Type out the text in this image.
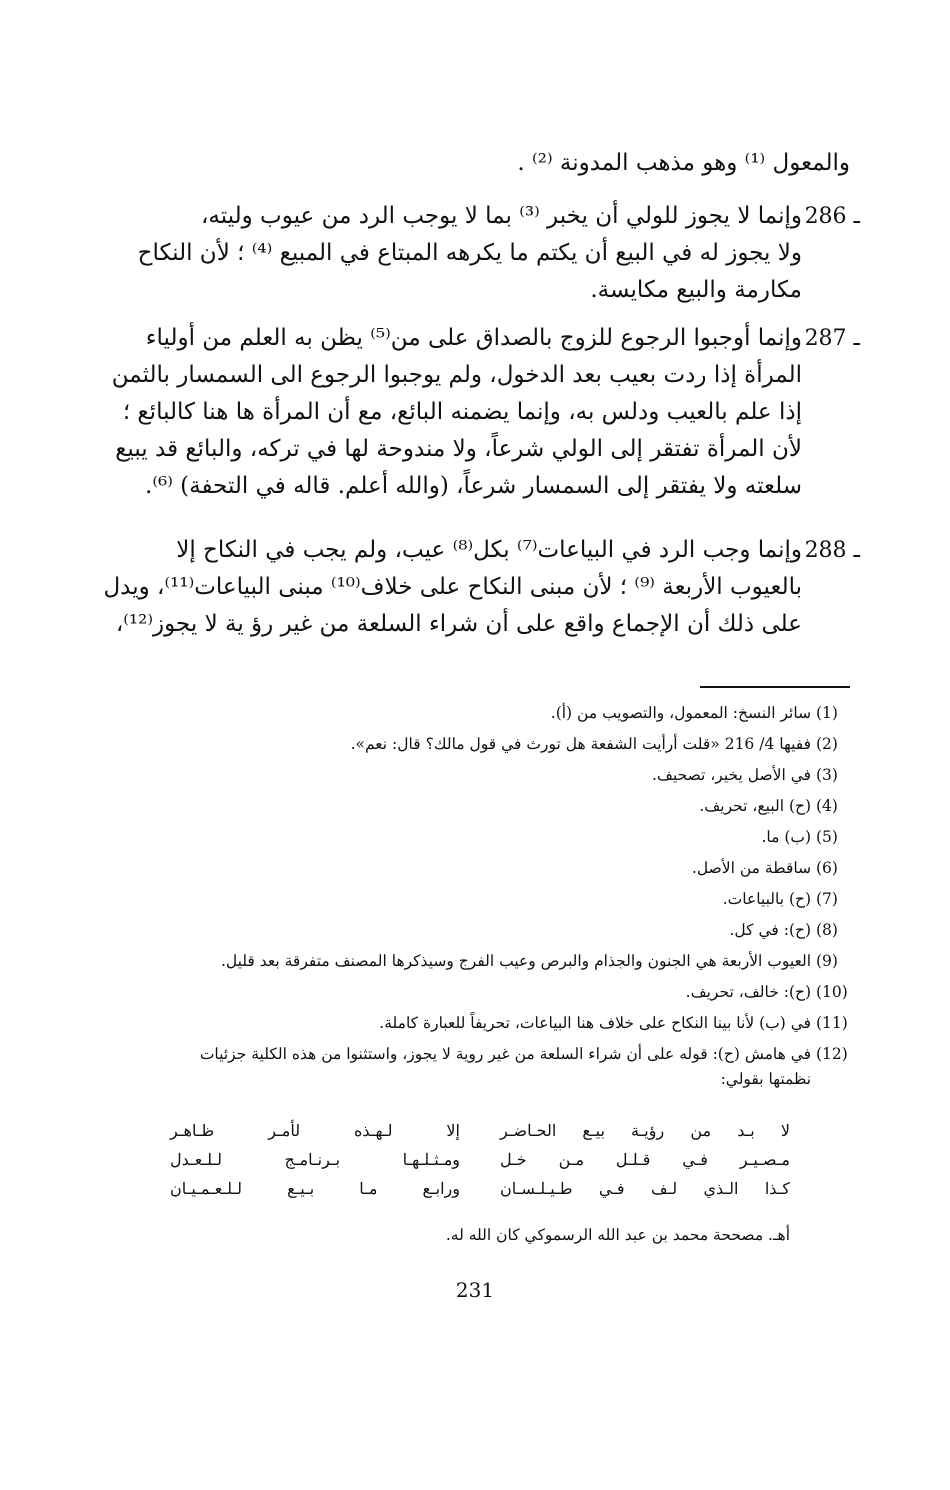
والمعول ⁽¹⁾ وهو مذهب المدونة ⁽²⁾ .
286 ـ
وإنما لا يجوز للولي أن يخبر ⁽³⁾ بما لا يوجب الرد من عيوب وليته،
ولا يجوز له في البيع أن يكتم ما يكرهه المبتاع في المبيع ⁽⁴⁾ ؛ لأن النكاح
مكارمة والبيع مكايسة.
287 ـ
وإنما أوجبوا الرجوع للزوج بالصداق على من⁽⁵⁾ يظن به العلم من أولياء
المرأة إذا ردت بعيب بعد الدخول، ولم يوجبوا الرجوع الى السمسار بالثمن
إذا علم بالعيب ودلس به، وإنما يضمنه البائع، مع أن المرأة ها هنا كالبائع ؛
لأن المرأة تفتقر إلى الولي شرعاً، ولا مندوحة لها في تركه، والبائع قد يبيع
سلعته ولا يفتقر إلى السمسار شرعاً، (والله أعلم. قاله في التحفة) ⁽⁶⁾.
288 ـ
وإنما وجب الرد في البياعات⁽⁷⁾ بكل⁽⁸⁾ عيب، ولم يجب في النكاح إلا
بالعيوب الأربعة ⁽⁹⁾ ؛ لأن مبنى النكاح على خلاف⁽¹⁰⁾ مبنى البياعات⁽¹¹⁾، ويدل
على ذلك أن الإجماع واقع على أن شراء السلعة من غير رؤ ية لا يجوز⁽¹²⁾،
(1) سائر النسخ: المعمول، والتصويب من (أ).
(2) ففيها 4/ 216 «قلت أرأيت الشفعة هل تورث في قول مالك؟ قال: نعم».
(3) في الأصل يخير، تصحيف.
(4) (ح) البيع، تحريف.
(5) (ب) ما.
(6) ساقطة من الأصل.
(7) (ح) بالبياعات.
(8) (ح): في كل.
(9) العيوب الأربعة هي الجنون والجذام والبرص وعيب الفرج وسيذكرها المصنف متفرقة بعد قليل.
(10) (ح): خالف، تحريف.
(11) في (ب) لأنا بينا النكاح على خلاف هنا البياعات، تحريفاً للعبارة كاملة.
(12) في هامش (ح): قوله على أن شراء السلعة من غير روية لا يجوز، واستثنوا من هذه الكلية جزئيات
نظمتها بقولي:
لا بـد من رؤيـة بيـع الحـاضـر
إلا لـهـذه لأمـر ظـاهـر
مـصـيـر فـي قـلـل مـن خـل
ومـثـلـهـا بـرنـامـج لـلـعـدل
كـذا الـذي لـف فـي طـيـلـسـان
ورابـع مـا بـيـع لـلـعـمـيـان
أهـ. مصححة محمد بن عبد الله الرسموكي كان الله له.
231
